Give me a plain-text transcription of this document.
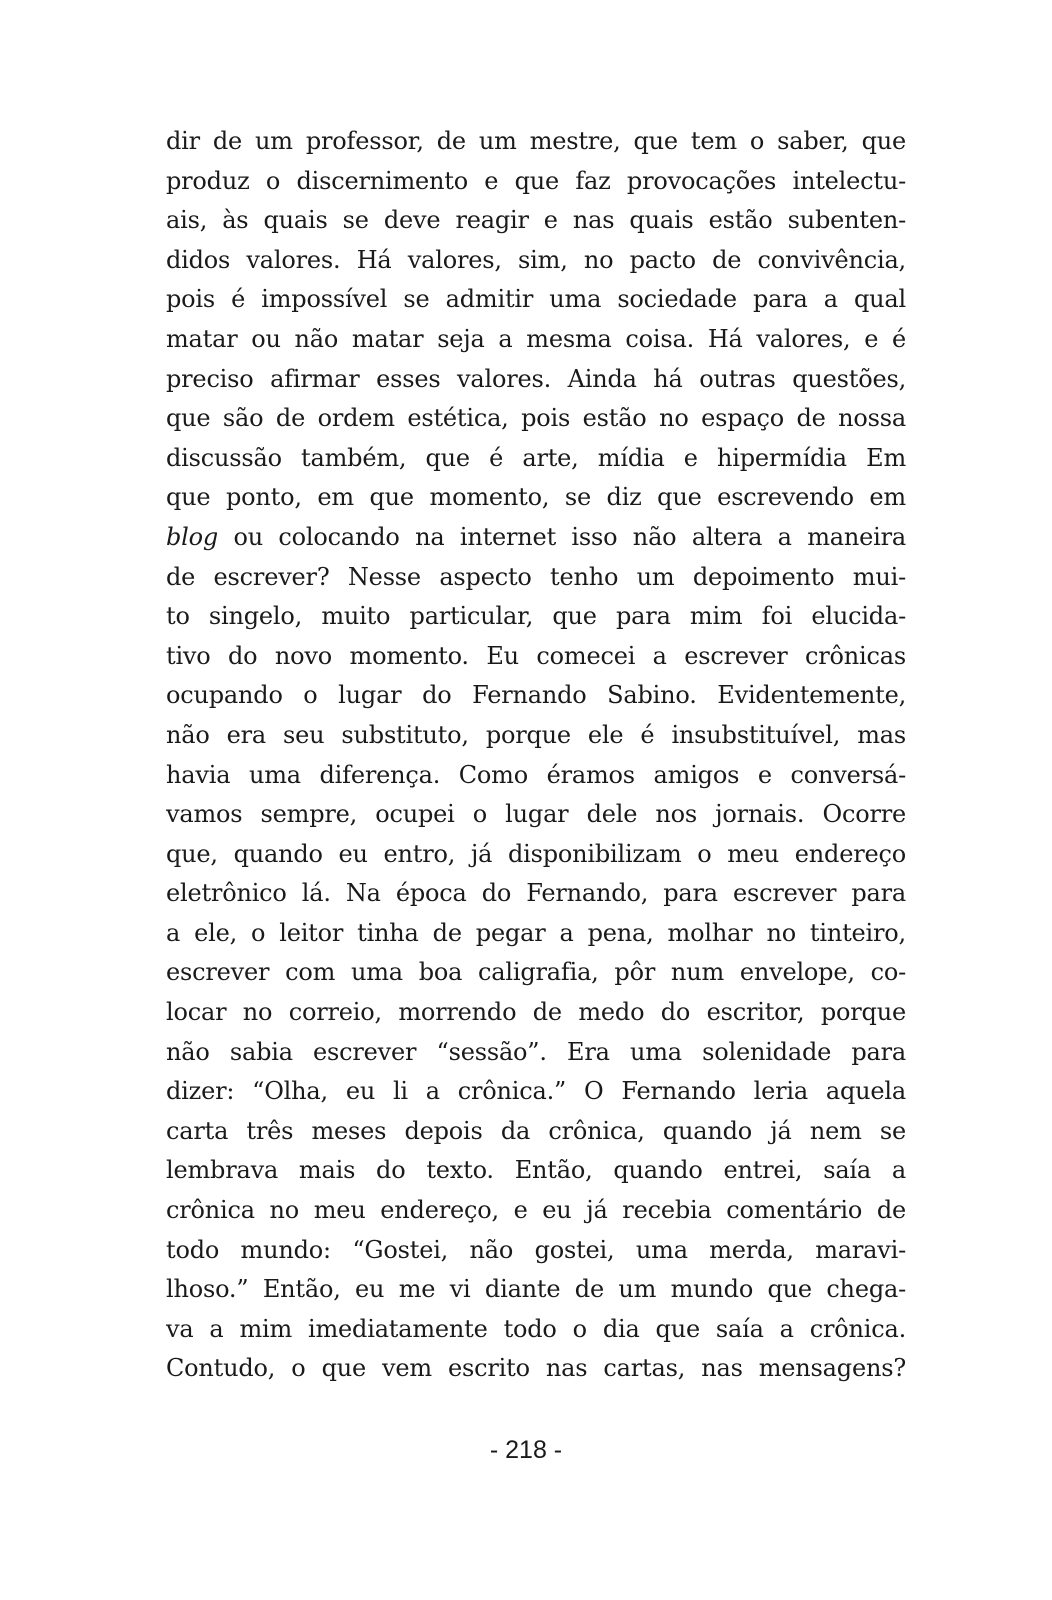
dir de um professor, de um mestre, que tem o saber, que
produz o discernimento e que faz provocações intelectu-
ais, às quais se deve reagir e nas quais estão subenten-
didos valores. Há valores, sim, no pacto de convivência,
pois é impossível se admitir uma sociedade para a qual
matar ou não matar seja a mesma coisa. Há valores, e é
preciso afirmar esses valores. Ainda há outras questões,
que são de ordem estética, pois estão no espaço de nossa
discussão também, que é arte, mídia e hipermídia Em
que ponto, em que momento, se diz que escrevendo em
blog ou colocando na internet isso não altera a maneira
de escrever? Nesse aspecto tenho um depoimento mui-
to singelo, muito particular, que para mim foi elucida-
tivo do novo momento. Eu comecei a escrever crônicas
ocupando o lugar do Fernando Sabino. Evidentemente,
não era seu substituto, porque ele é insubstituível, mas
havia uma diferença. Como éramos amigos e conversá-
vamos sempre, ocupei o lugar dele nos jornais. Ocorre
que, quando eu entro, já disponibilizam o meu endereço
eletrônico lá. Na época do Fernando, para escrever para
a ele, o leitor tinha de pegar a pena, molhar no tinteiro,
escrever com uma boa caligrafia, pôr num envelope, co-
locar no correio, morrendo de medo do escritor, porque
não sabia escrever “sessão”. Era uma solenidade para
dizer: “Olha, eu li a crônica.” O Fernando leria aquela
carta três meses depois da crônica, quando já nem se
lembrava mais do texto. Então, quando entrei, saía a
crônica no meu endereço, e eu já recebia comentário de
todo mundo: “Gostei, não gostei, uma merda, maravi-
lhoso.” Então, eu me vi diante de um mundo que chega-
va a mim imediatamente todo o dia que saía a crônica.
Contudo, o que vem escrito nas cartas, nas mensagens?
- 218 -
